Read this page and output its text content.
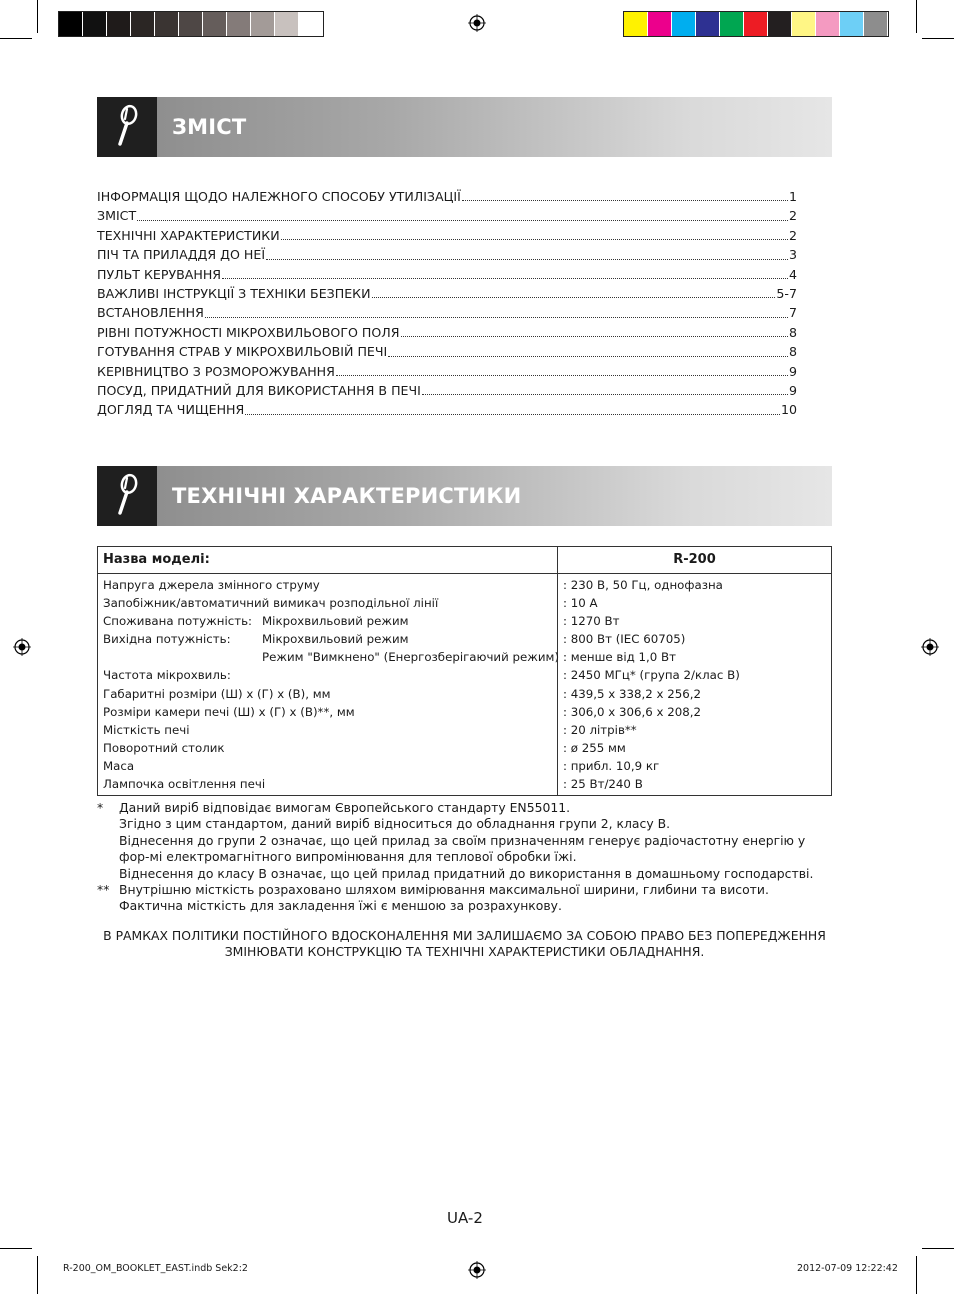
ЗМІСТ
ІНФОРМАЦІЯ ЩОДО НАЛЕЖНОГО СПОСОБУ УТИЛІЗАЦІЇ	1
ЗМІСТ	2
ТЕХНІЧНІ ХАРАКТЕРИСТИКИ	2
ПІЧ ТА ПРИЛАДДЯ ДО НЕЇ	3
ПУЛЬТ КЕРУВАННЯ	4
ВАЖЛИВІ ІНСТРУКЦІЇ З ТЕХНІКИ БЕЗПЕКИ	5-7
ВСТАНОВЛЕННЯ	7
РІВНІ ПОТУЖНОСТІ МІКРОХВИЛЬОВОГО ПОЛЯ	8
ГОТУВАННЯ СТРАВ У МІКРОХВИЛЬОВІЙ ПЕЧІ	8
КЕРІВНИЦТВО З РОЗМОРОЖУВАННЯ	9
ПОСУД, ПРИДАТНИЙ ДЛЯ ВИКОРИСТАННЯ В ПЕЧІ	9
ДОГЛЯД ТА ЧИЩЕННЯ	10
ТЕХНІЧНІ ХАРАКТЕРИСТИКИ
Назва моделі:	R-200
Напруга джерела змінного струму	: 230 В, 50 Гц, однофазна
Запобіжник/автоматичний вимикач розподільної лінії	: 10 А
Споживана потужність: Мікрохвильовий режим	: 1270 Вт
Вихідна потужність:	Мікрохвильовий режим	: 800 Вт (IEC 60705)
Режим "Вимкнено" (Енергозберігаючий режим) : менше від 1,0 Вт
Частота мікрохвиль:	: 2450 МГц* (група 2/клас B)
Габаритні розміри (Ш) x (Г) x (В), мм	: 439,5 x 338,2 x 256,2
Розміри камери печі (Ш) x (Г) x (В)**, мм	: 306,0 x 306,6 x 208,2
Місткість печі	: 20 літрів**
Поворотний столик	: ø 255 мм
Маса	: прибл. 10,9 кг
Лампочка освітлення печі	: 25 Вт/240 В
*	Даний виріб відповідає вимогам Європейського стандарту EN55011.
Згідно з цим стандартом, даний виріб відноситься до обладнання групи 2, класу B.
Віднесення до групи 2 означає, що цей прилад за своїм призначенням генерує радіочастотну енергію у фор-мі електромагнітного випромінювання для теплової обробки їжі.
Віднесення до класу B означає, що цей прилад придатний до використання в домашньому господарстві.
** Внутрішню місткість розраховано шляхом вимірювання максимальної ширини, глибини та висоти. Фактична місткість для закладення їжі є меншою за розрахункову.
В РАМКАХ ПОЛІТИКИ ПОСТІЙНОГО ВДОСКОНАЛЕННЯ МИ ЗАЛИШАЄМО ЗА СОБОЮ ПРАВО БЕЗ ПОПЕРЕДЖЕННЯ
ЗМІНЮВАТИ КОНСТРУКЦІЮ ТА ТЕХНІЧНІ ХАРАКТЕРИСТИКИ ОБЛАДНАННЯ.
UA-2
R-200_OM_BOOKLET_EAST.indb Sek2:2	2012-07-09 12:22:42
